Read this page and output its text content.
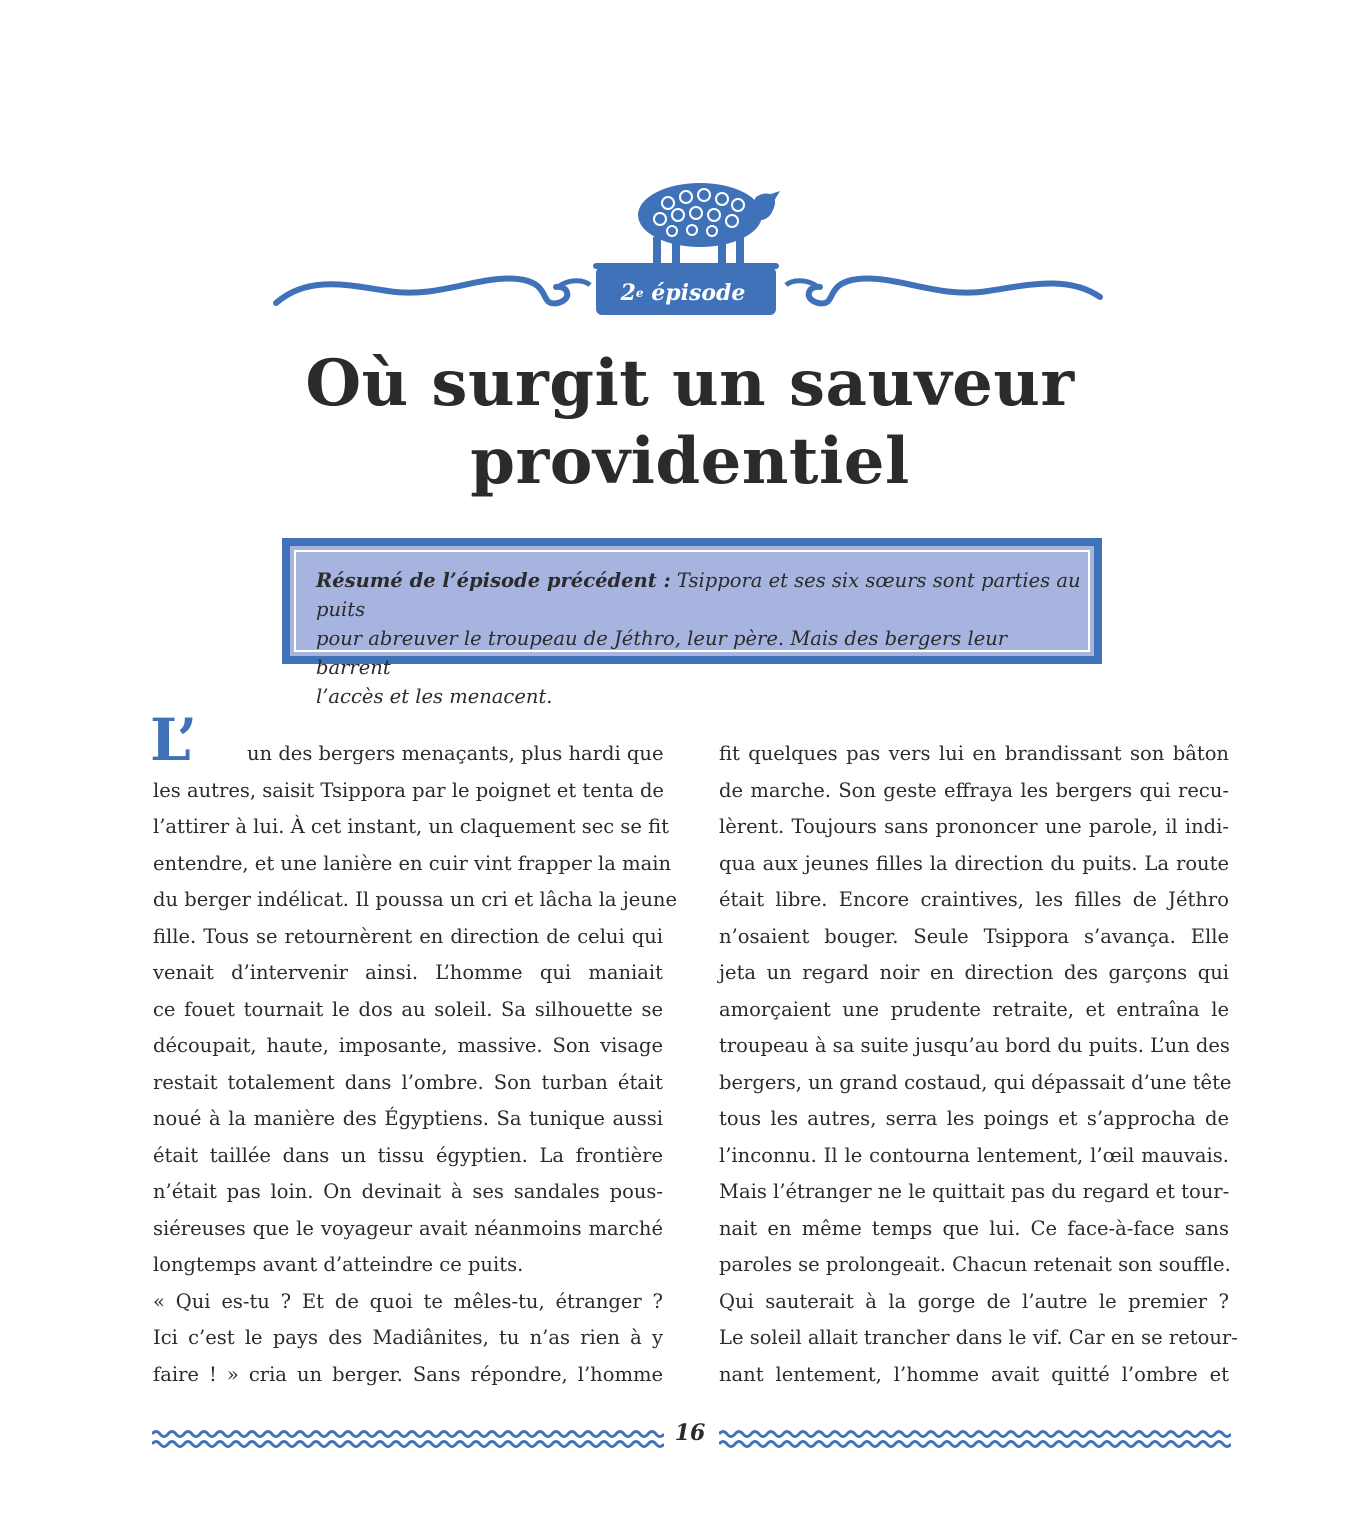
2 e
épisode
Où surgit un sauveur
providentiel

Résumé de l’épisode précédent : Tsippora et ses six sœurs sont parties au puits
pour abreuver le troupeau de Jéthro, leur père. Mais des bergers leur barrent
l’accès et les menacent.

L’	un des bergers menaçants, plus hardi que
les autres, saisit Tsippora par le poignet et tenta de
l’attirer à lui. À cet instant, un claquement sec se fit
entendre, et une lanière en cuir vint frapper la main
du berger indélicat. Il poussa un cri et lâcha la jeune
fille. Tous se retournèrent en direction de celui qui
venait d’intervenir ainsi. L’homme qui maniait
ce fouet tournait le dos au soleil. Sa silhouette se
découpait, haute, imposante, massive. Son visage
restait totalement dans l’ombre. Son turban était
noué à la manière des Égyptiens. Sa tunique aussi
était taillée dans un tissu égyptien. La frontière
n’était pas loin. On devinait à ses sandales pous-
siéreuses que le voyageur avait néanmoins marché
longtemps avant d’atteindre ce puits.
« Qui es-tu ? Et de quoi te mêles-tu, étranger ?
Ici c’est le pays des Madiânites, tu n’as rien à y
faire ! » cria un berger. Sans répondre, l’homme
fit quelques pas vers lui en brandissant son bâton
de marche. Son geste effraya les bergers qui recu-
lèrent. Toujours sans prononcer une parole, il indi-
qua aux jeunes filles la direction du puits. La route
était libre. Encore craintives, les filles de Jéthro
n’osaient bouger. Seule Tsippora s’avança. Elle
jeta un regard noir en direction des garçons qui
amorçaient une prudente retraite, et entraîna le
troupeau à sa suite jusqu’au bord du puits. L’un des
bergers, un grand costaud, qui dépassait d’une tête
tous les autres, serra les poings et s’approcha de
l’inconnu. Il le contourna lentement, l’œil mauvais.
Mais l’étranger ne le quittait pas du regard et tour-
nait en même temps que lui. Ce face-à-face sans
paroles se prolongeait. Chacun retenait son souffle.
Qui sauterait à la gorge de l’autre le premier ?
Le soleil allait trancher dans le vif. Car en se retour-
nant lentement, l’homme avait quitté l’ombre et
16
